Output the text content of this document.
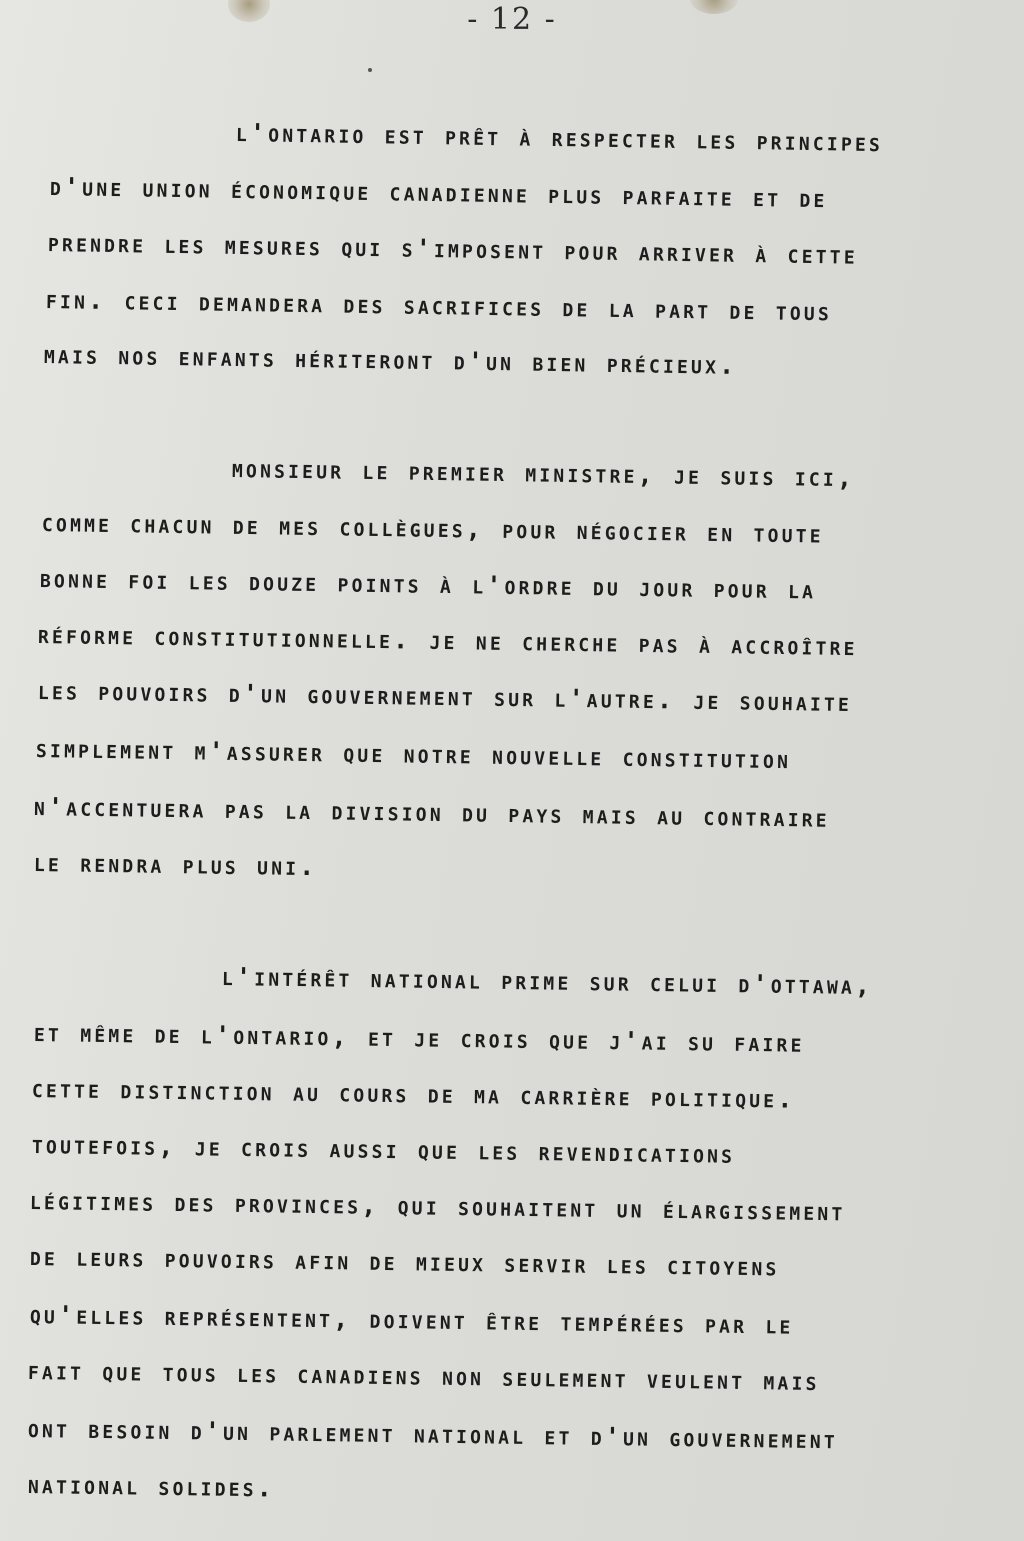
- 12 -
l'ontario est prêt à respecter les principes
d'une union économique canadienne plus parfaite et de
prendre les mesures qui s'imposent pour arriver à cette
fin. ceci demandera des sacrifices de la part de tous
mais nos enfants hériteront d'un bien précieux.
monsieur le premier ministre, je suis ici,
comme chacun de mes collègues, pour négocier en toute
bonne foi les douze points à l'ordre du jour pour la
réforme constitutionnelle. je ne cherche pas à accroître
les pouvoirs d'un gouvernement sur l'autre. je souhaite
simplement m'assurer que notre nouvelle constitution
n'accentuera pas la division du pays mais au contraire
le rendra plus uni.
l'intérêt national prime sur celui d'ottawa,
et même de l'ontario, et je crois que j'ai su faire
cette distinction au cours de ma carrière politique.
toutefois, je crois aussi que les revendications
légitimes des provinces, qui souhaitent un élargissement
de leurs pouvoirs afin de mieux servir les citoyens
qu'elles représentent, doivent être tempérées par le
fait que tous les canadiens non seulement veulent mais
ont besoin d'un parlement national et d'un gouvernement
national solides.
